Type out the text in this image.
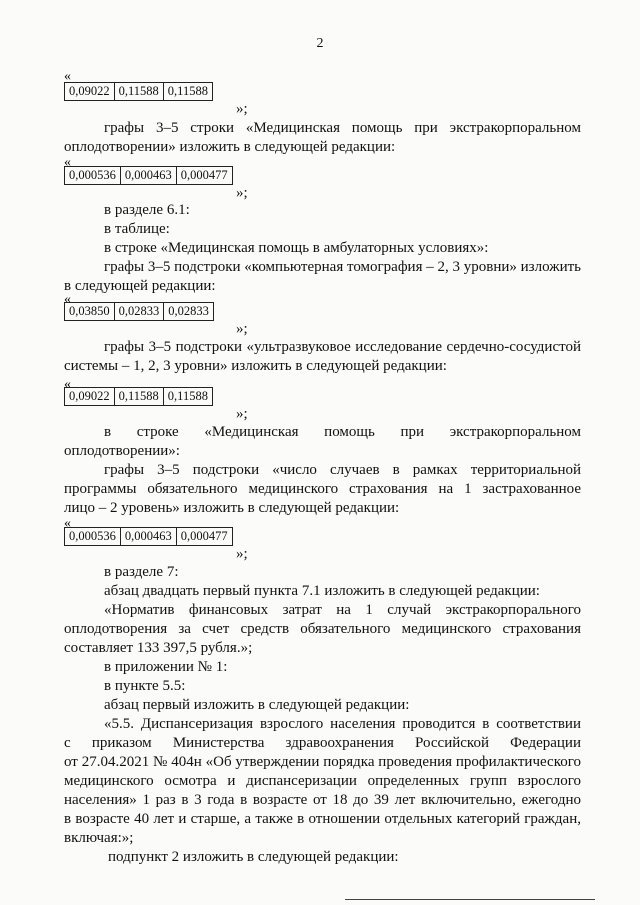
2
«
0,09022 0,11588 0,11588
»;
графы 3–5 строки «Медицинская помощь при экстракорпоральном
оплодотворении» изложить в следующей редакции:
«
0,000536 0,000463 0,000477
»;
в разделе 6.1:
в таблице:
в строке «Медицинская помощь в амбулаторных условиях»:
графы 3–5 подстроки «компьютерная томография – 2, 3 уровни» изложить
в следующей редакции:
«
0,03850 0,02833 0,02833
»;
графы 3–5 подстроки «ультразвуковое исследование сердечно-сосудистой
системы – 1, 2, 3 уровни» изложить в следующей редакции:
«
0,09022 0,11588 0,11588
»;
в строке «Медицинская помощь при экстракорпоральном
оплодотворении»:
графы 3–5 подстроки «число случаев в рамках территориальной
программы обязательного медицинского страхования на 1 застрахованное
лицо – 2 уровень» изложить в следующей редакции:
«
0,000536 0,000463 0,000477
»;
в разделе 7:
абзац двадцать первый пункта 7.1 изложить в следующей редакции:
«Норматив финансовых затрат на 1 случай экстракорпорального
оплодотворения за счет средств обязательного медицинского страхования
составляет 133 397,5 рубля.»;
в приложении № 1:
в пункте 5.5:
абзац первый изложить в следующей редакции:
«5.5. Диспансеризация взрослого населения проводится в соответствии
с приказом Министерства здравоохранения Российской Федерации
от 27.04.2021 № 404н «Об утверждении порядка проведения профилактического
медицинского осмотра и диспансеризации определенных групп взрослого
населения» 1 раз в 3 года в возрасте от 18 до 39 лет включительно, ежегодно
в возрасте 40 лет и старше, а также в отношении отдельных категорий граждан,
включая:»;
подпункт 2 изложить в следующей редакции:
